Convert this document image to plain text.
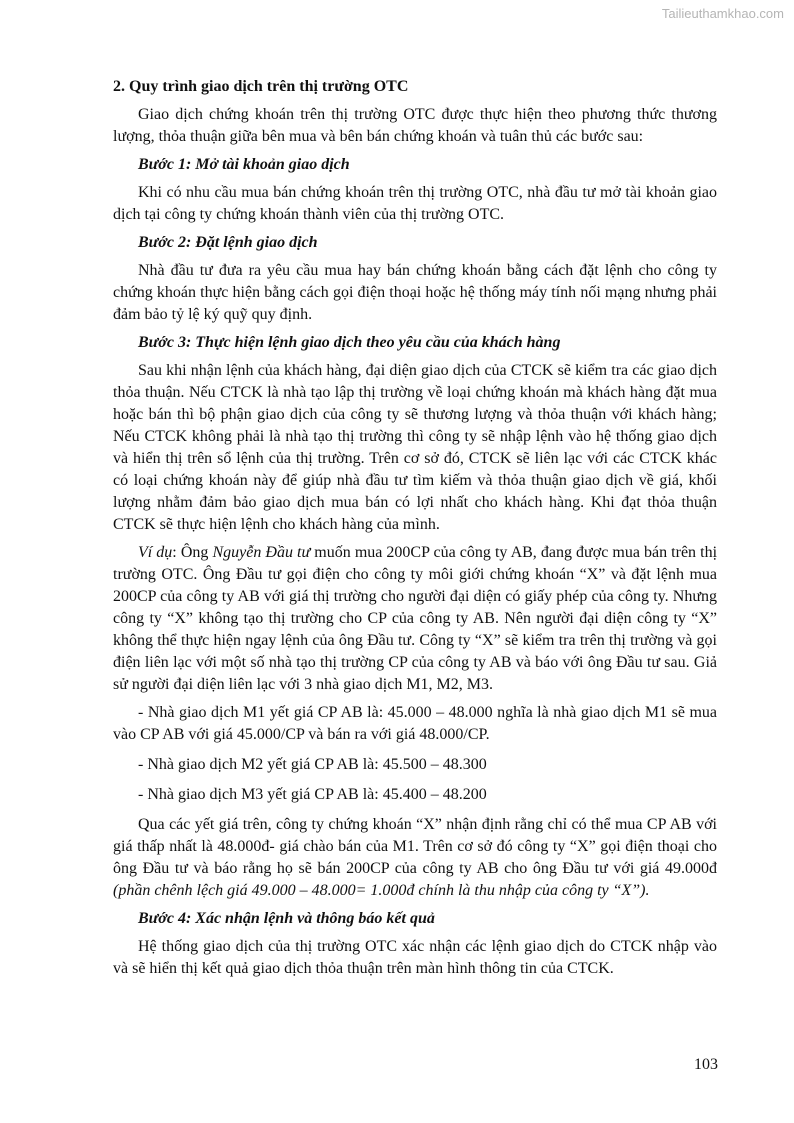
Tailieuthamkhao.com
2. Quy trình giao dịch trên thị trường OTC

Giao dịch chứng khoán trên thị trường OTC được thực hiện theo phương thức thương lượng, thỏa thuận giữa bên mua và bên bán chứng khoán và tuân thủ các bước sau:

Bước 1: Mở tài khoản giao dịch

Khi có nhu cầu mua bán chứng khoán trên thị trường OTC, nhà đầu tư mở tài khoản giao dịch tại công ty chứng khoán thành viên của thị trường OTC.

Bước 2: Đặt lệnh giao dịch

Nhà đầu tư đưa ra yêu cầu mua hay bán chứng khoán bằng cách đặt lệnh cho công ty chứng khoán thực hiện bằng cách gọi điện thoại hoặc hệ thống máy tính nối mạng nhưng phải đảm bảo tỷ lệ ký quỹ quy định.

Bước 3: Thực hiện lệnh giao dịch theo yêu cầu của khách hàng

Sau khi nhận lệnh của khách hàng, đại diện giao dịch của CTCK sẽ kiểm tra các giao dịch thỏa thuận. Nếu CTCK là nhà tạo lập thị trường về loại chứng khoán mà khách hàng đặt mua hoặc bán thì bộ phận giao dịch của công ty sẽ thương lượng và thỏa thuận với khách hàng; Nếu CTCK không phải là nhà tạo thị trường thì công ty sẽ nhập lệnh vào hệ thống giao dịch và hiển thị trên sổ lệnh của thị trường. Trên cơ sở đó, CTCK sẽ liên lạc với các CTCK khác có loại chứng khoán này để giúp nhà đầu tư tìm kiếm và thỏa thuận giao dịch về giá, khối lượng nhằm đảm bảo giao dịch mua bán có lợi nhất cho khách hàng. Khi đạt thỏa thuận CTCK sẽ thực hiện lệnh cho khách hàng của mình.

Ví dụ: Ông Nguyễn Đầu tư muốn mua 200CP của công ty AB, đang được mua bán trên thị trường OTC. Ông Đầu tư gọi điện cho công ty môi giới chứng khoán “X” và đặt lệnh mua 200CP của công ty AB với giá thị trường cho người đại diện có giấy phép của công ty. Nhưng công ty “X” không tạo thị trường cho CP của công ty AB. Nên người đại diện công ty “X” không thể thực hiện ngay lệnh của ông Đầu tư. Công ty “X” sẽ kiểm tra trên thị trường và gọi điện liên lạc với một số nhà tạo thị trường CP của công ty AB và báo với ông Đầu tư sau. Giả sử người đại diện liên lạc với 3 nhà giao dịch M1, M2, M3.

- Nhà giao dịch M1 yết giá CP AB là: 45.000 – 48.000 nghĩa là nhà giao dịch M1 sẽ mua vào CP AB với giá 45.000/CP và bán ra với giá 48.000/CP.

- Nhà giao dịch M2 yết giá CP AB là: 45.500 – 48.300

- Nhà giao dịch M3 yết giá CP AB là: 45.400 – 48.200

Qua các yết giá trên, công ty chứng khoán “X” nhận định rằng chỉ có thể mua CP AB với giá thấp nhất là 48.000đ- giá chào bán của M1. Trên cơ sở đó công ty “X” gọi điện thoại cho ông Đầu tư và báo rằng họ sẽ bán 200CP của công ty AB cho ông Đầu tư với giá 49.000đ (phần chênh lệch giá 49.000 – 48.000= 1.000đ chính là thu nhập của công ty “X”).

Bước 4: Xác nhận lệnh và thông báo kết quả

Hệ thống giao dịch của thị trường OTC xác nhận các lệnh giao dịch do CTCK nhập vào và sẽ hiển thị kết quả giao dịch thỏa thuận trên màn hình thông tin của CTCK.

103
